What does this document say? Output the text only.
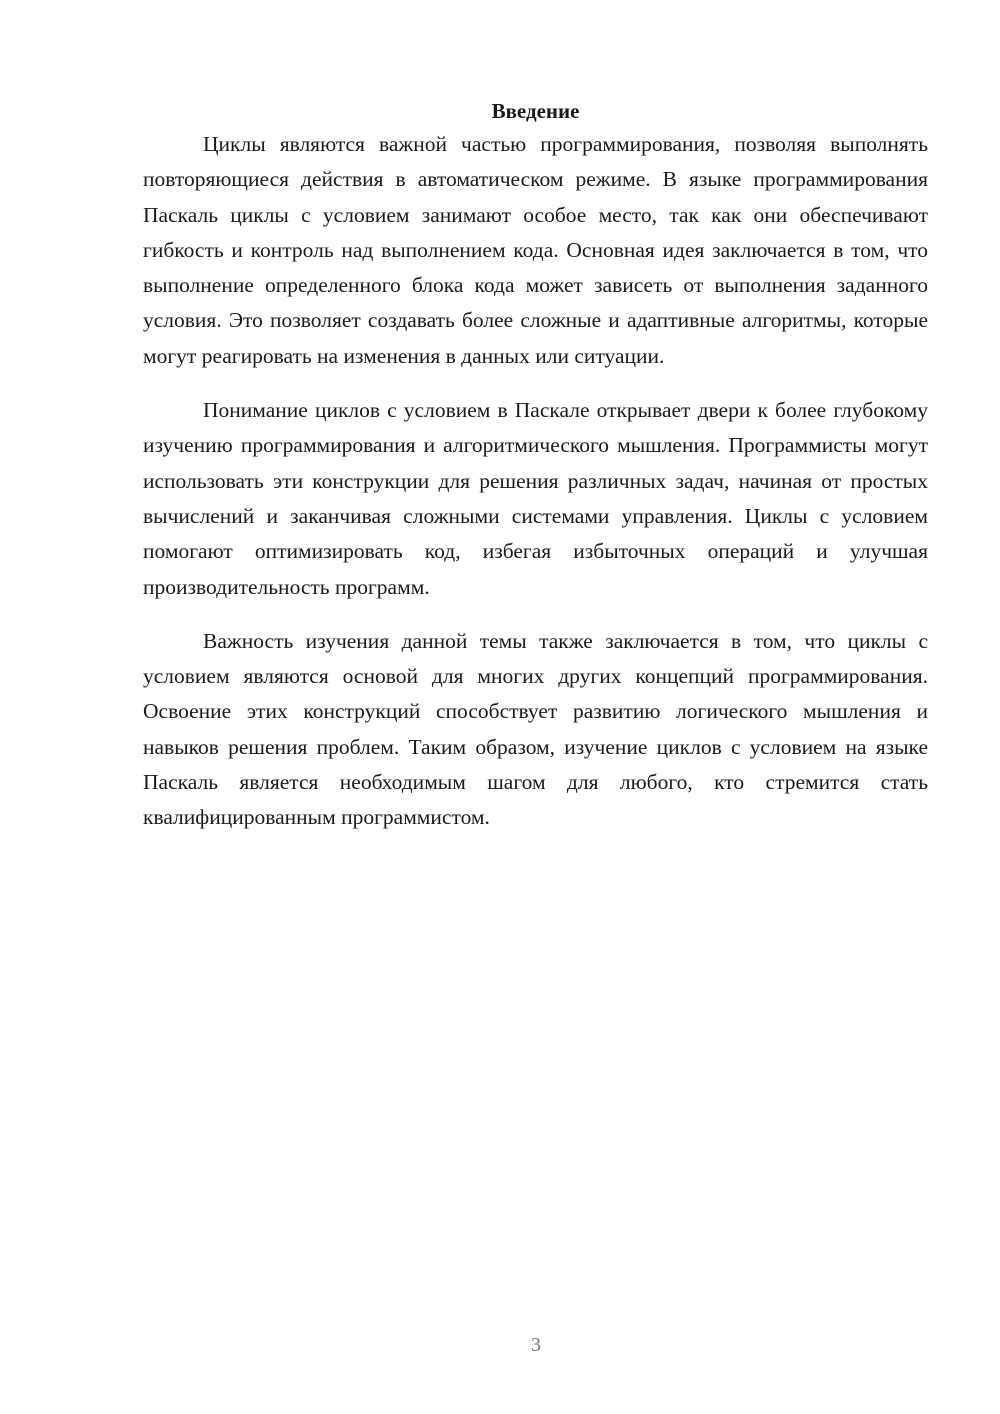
Введение

Циклы являются важной частью программирования, позволяя выполнять повторяющиеся действия в автоматическом режиме. В языке программирования Паскаль циклы с условием занимают особое место, так как они обеспечивают гибкость и контроль над выполнением кода. Основная идея заключается в том, что выполнение определенного блока кода может зависеть от выполнения заданного условия. Это позволяет создавать более сложные и адаптивные алгоритмы, которые могут реагировать на изменения в данных или ситуации.

Понимание циклов с условием в Паскале открывает двери к более глубокому изучению программирования и алгоритмического мышления. Программисты могут использовать эти конструкции для решения различных задач, начиная от простых вычислений и заканчивая сложными системами управления. Циклы с условием помогают оптимизировать код, избегая избыточных операций и улучшая производительность программ.

Важность изучения данной темы также заключается в том, что циклы с условием являются основой для многих других концепций программирования. Освоение этих конструкций способствует развитию логического мышления и навыков решения проблем. Таким образом, изучение циклов с условием на языке Паскаль является необходимым шагом для любого, кто стремится стать квалифицированным программистом.

3
